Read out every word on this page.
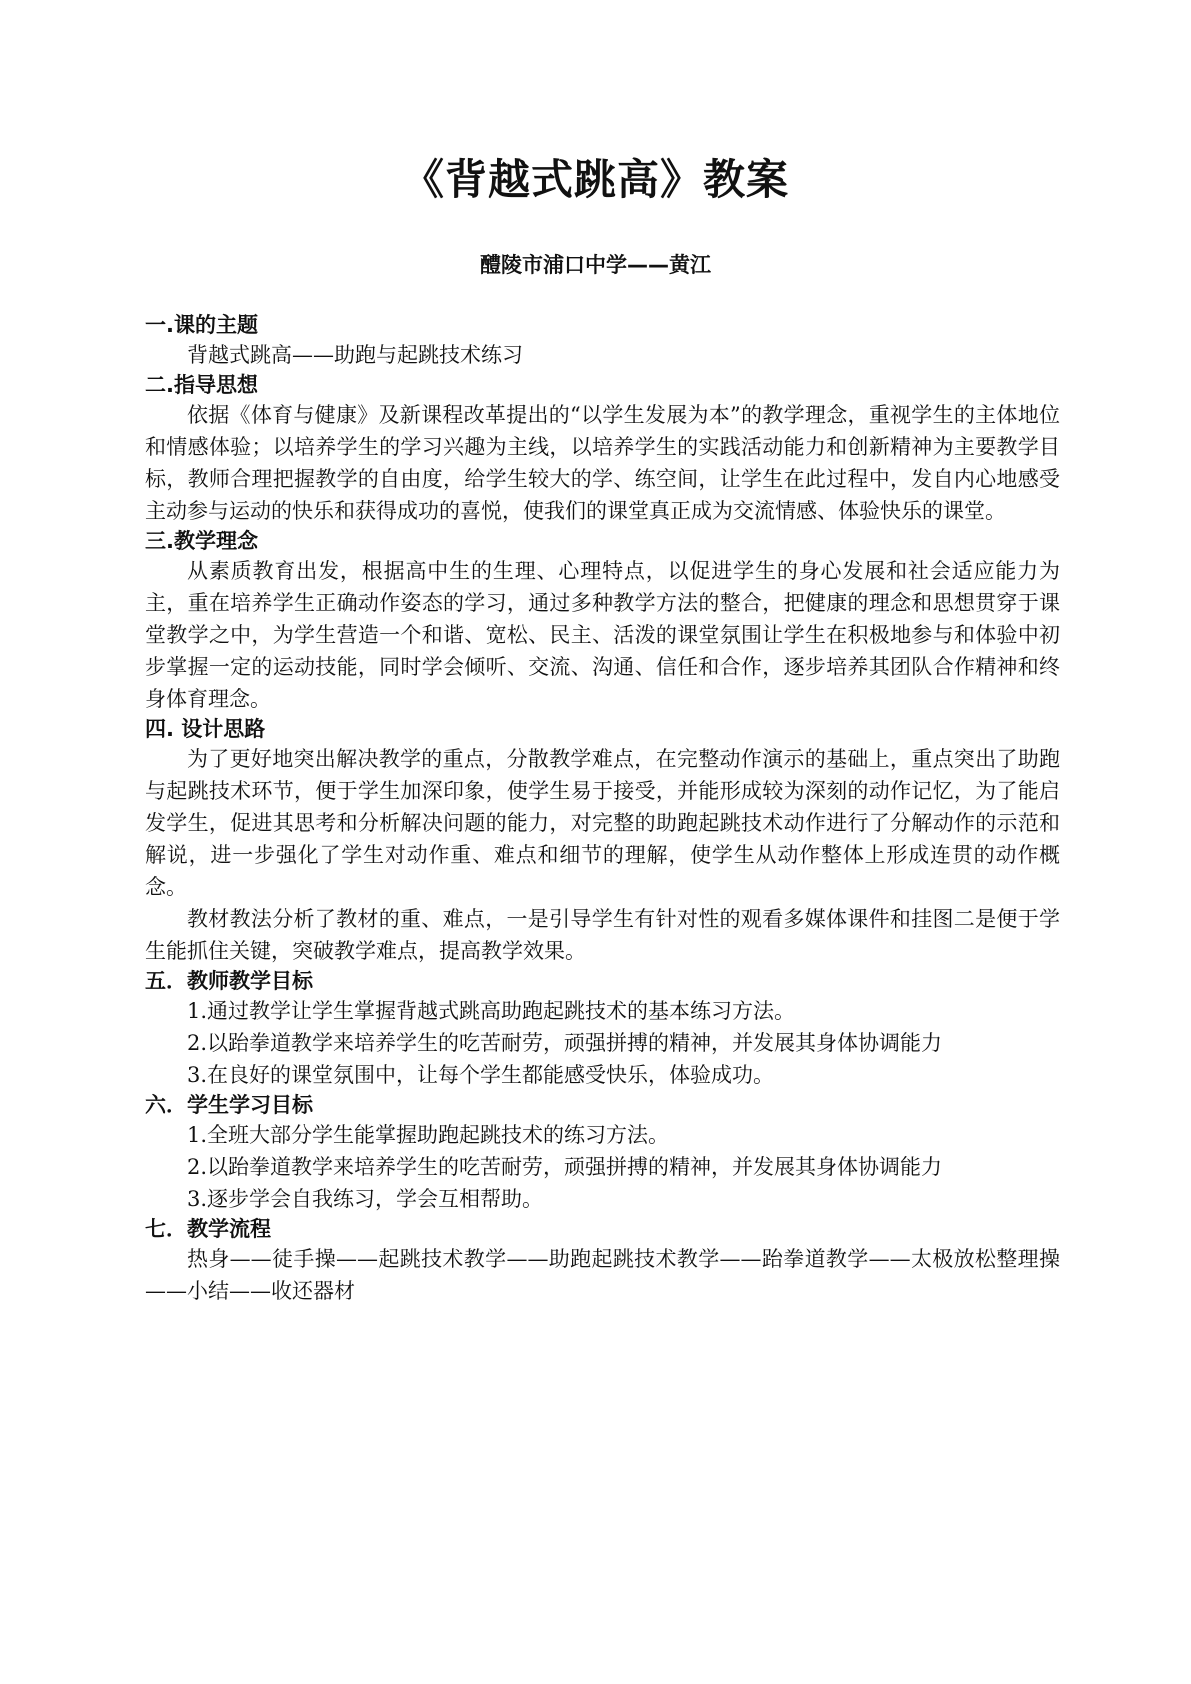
《背越式跳高》教案
醴陵市浦口中学——黄江
一.课的主题
背越式跳高——助跑与起跳技术练习
二.指导思想
依据《体育与健康》及新课程改革提出的“以学生发展为本”的教学理念，重视学生的主体地位和情感体验；以培养学生的学习兴趣为主线，以培养学生的实践活动能力和创新精神为主要教学目标，教师合理把握教学的自由度，给学生较大的学、练空间，让学生在此过程中，发自内心地感受主动参与运动的快乐和获得成功的喜悦，使我们的课堂真正成为交流情感、体验快乐的课堂。
三.教学理念
从素质教育出发，根据高中生的生理、心理特点，以促进学生的身心发展和社会适应能力为主，重在培养学生正确动作姿态的学习，通过多种教学方法的整合，把健康的理念和思想贯穿于课堂教学之中，为学生营造一个和谐、宽松、民主、活泼的课堂氛围让学生在积极地参与和体验中初步掌握一定的运动技能，同时学会倾听、交流、沟通、信任和合作，逐步培养其团队合作精神和终身体育理念。
四. 设计思路
为了更好地突出解决教学的重点，分散教学难点，在完整动作演示的基础上，重点突出了助跑与起跳技术环节，便于学生加深印象，使学生易于接受，并能形成较为深刻的动作记忆，为了能启发学生，促进其思考和分析解决问题的能力，对完整的助跑起跳技术动作进行了分解动作的示范和解说，进一步强化了学生对动作重、难点和细节的理解，使学生从动作整体上形成连贯的动作概念。
教材教法分析了教材的重、难点，一是引导学生有针对性的观看多媒体课件和挂图二是便于学生能抓住关键，突破教学难点，提高教学效果。
五．教师教学目标
1.通过教学让学生掌握背越式跳高助跑起跳技术的基本练习方法。
2.以跆拳道教学来培养学生的吃苦耐劳，顽强拼搏的精神，并发展其身体协调能力
3.在良好的课堂氛围中，让每个学生都能感受快乐，体验成功。
六．学生学习目标
1.全班大部分学生能掌握助跑起跳技术的练习方法。
2.以跆拳道教学来培养学生的吃苦耐劳，顽强拼搏的精神，并发展其身体协调能力
3.逐步学会自我练习，学会互相帮助。
七．教学流程
热身——徒手操——起跳技术教学——助跑起跳技术教学——跆拳道教学——太极放松整理操——小结——收还器材
